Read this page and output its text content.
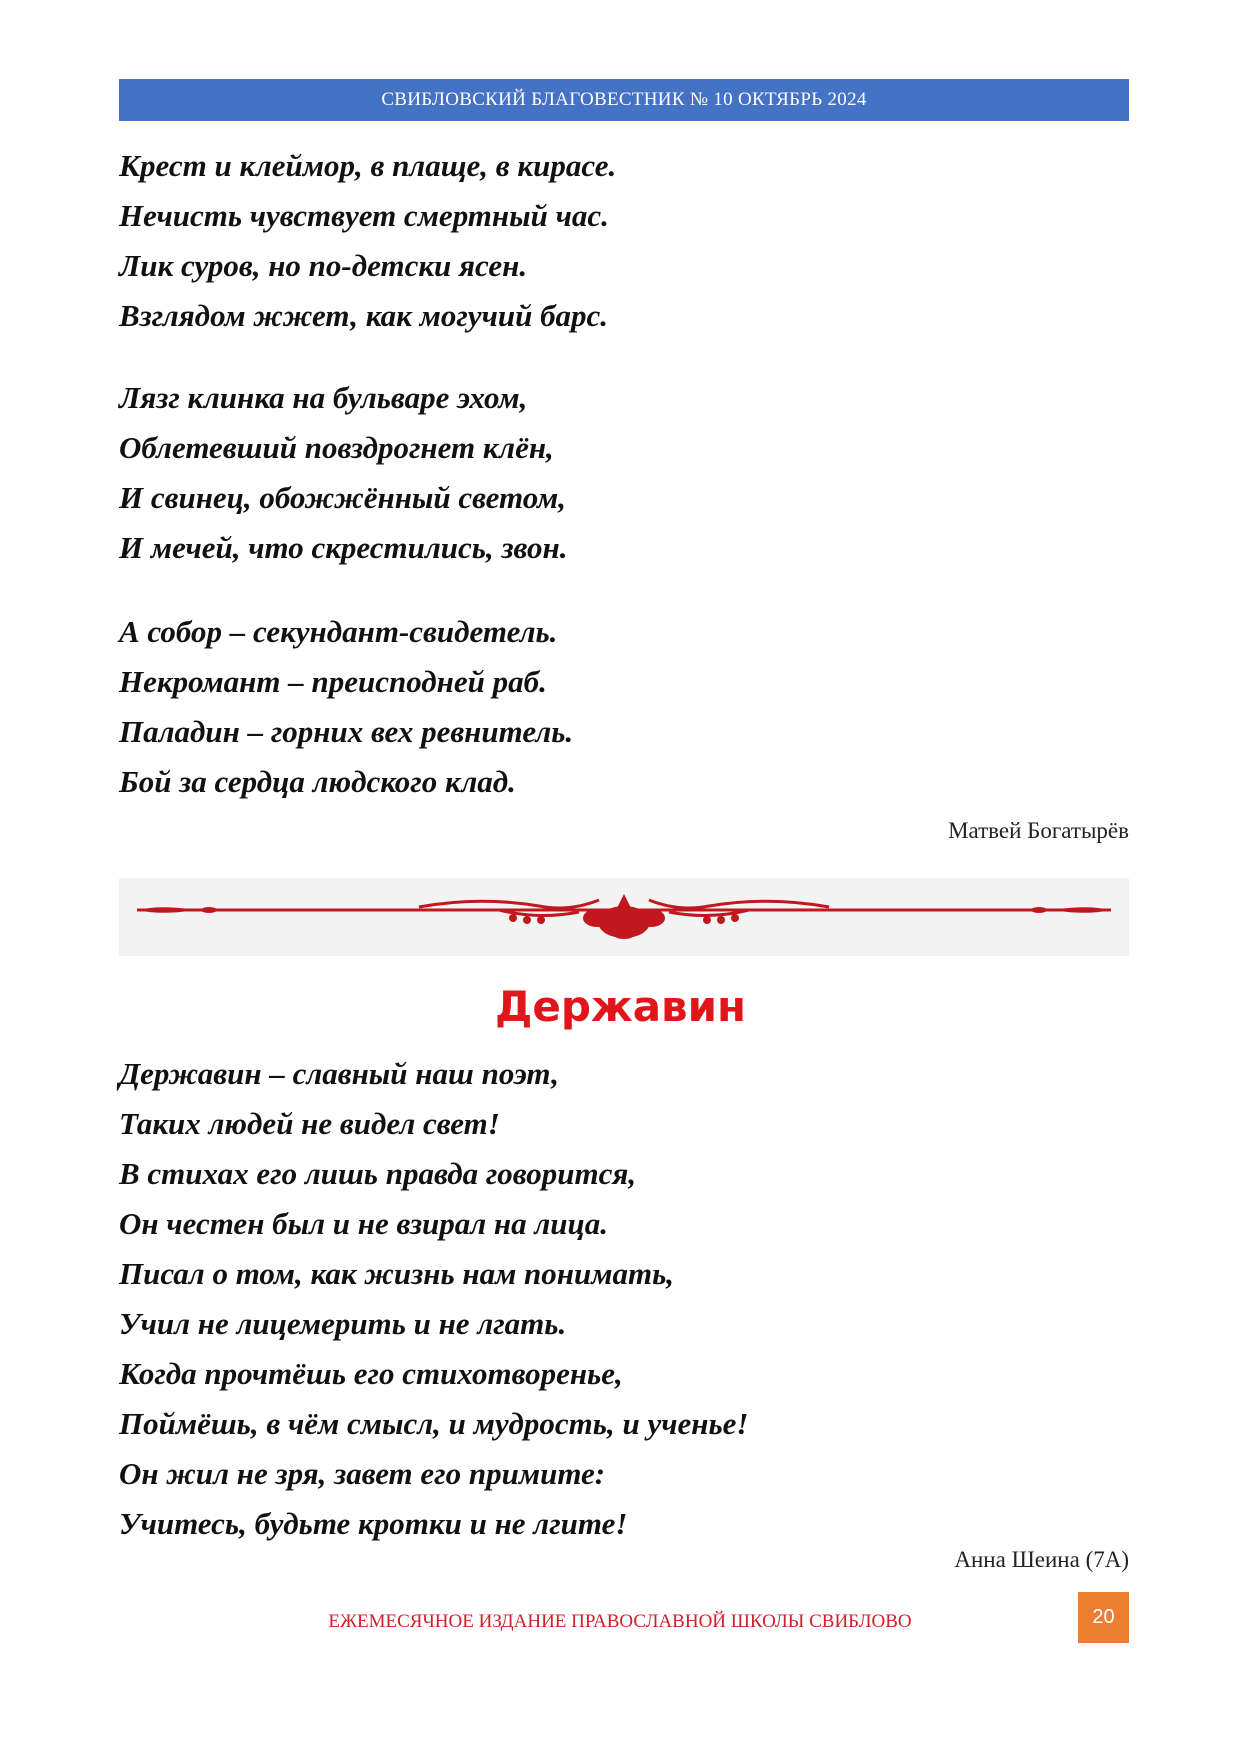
СВИБЛОВСКИЙ БЛАГОВЕСТНИК № 10 ОКТЯБРЬ 2024
Крест и клеймор, в плаще, в кирасе.
Нечисть чувствует смертный час.
Лик суров, но по-детски ясен.
Взглядом жжет, как могучий барс.
Лязг клинка на бульваре эхом,
Облетевший повздрогнет клён,
И свинец, обожжённый светом,
И мечей, что скрестились, звон.
А собор – секундант-свидетель.
Некромант – преисподней раб.
Паладин – горних вех ревнитель.
Бой за сердца людского клад.
Матвей Богатырёв
Державин
Державин – славный наш поэт,
Таких людей не видел свет!
В стихах его лишь правда говорится,
Он честен был и не взирал на лица.
Писал о том, как жизнь нам понимать,
Учил не лицемерить и не лгать.
Когда прочтёшь его стихотворенье,
Поймёшь, в чём смысл, и мудрость, и ученье!
Он жил не зря, завет его примите:
Учитесь, будьте кротки и не лгите!
Анна Шеина (7А)
ЕЖЕМЕСЯЧНОЕ ИЗДАНИЕ ПРАВОСЛАВНОЙ ШКОЛЫ СВИБЛОВО	20
